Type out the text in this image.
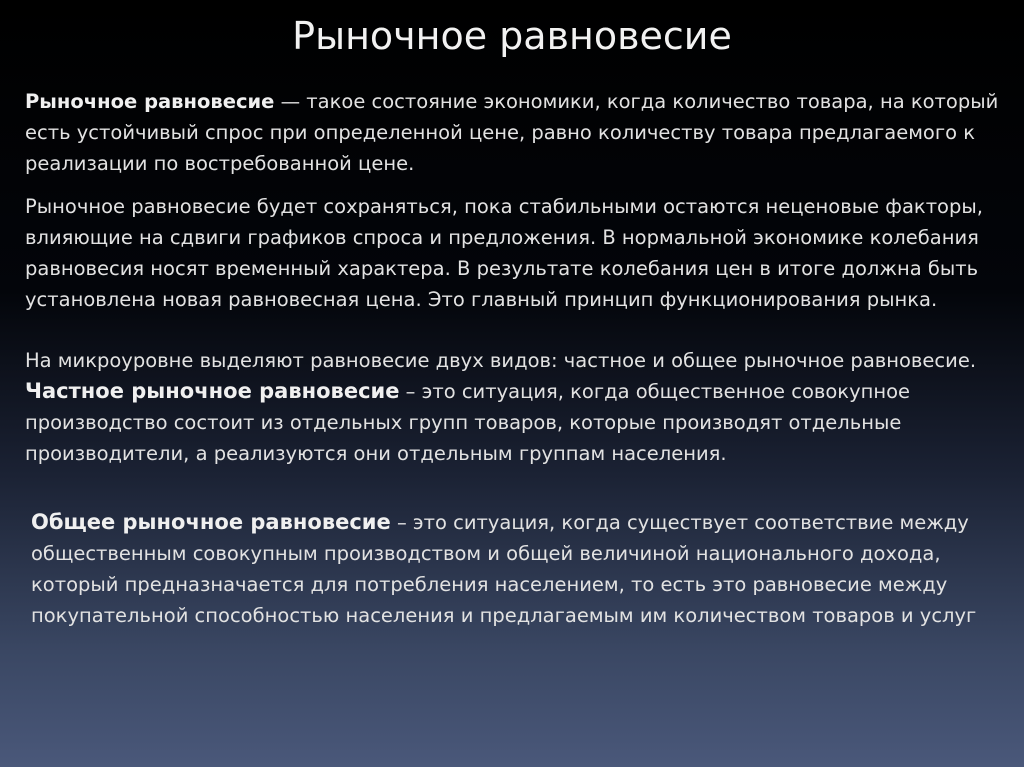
Рыночное равновесие

Рыночное равновесие — такое состояние экономики, когда количество товара, на который есть устойчивый спрос при определенной цене, равно количеству товара предлагаемого к реализации по востребованной цене.

Рыночное равновесие будет сохраняться, пока стабильными остаются неценовые факторы, влияющие на сдвиги графиков спроса и предложения. В нормальной экономике колебания равновесия носят временный характера. В результате колебания цен в итоге должна быть установлена новая равновесная цена. Это главный принцип функционирования рынка.

На микроуровне выделяют равновесие двух видов: частное и общее рыночное равновесие.

Частное рыночное равновесие – это ситуация, когда общественное совокупное производство состоит из отдельных групп товаров, которые производят отдельные производители, а реализуются они отдельным группам населения.

Общее рыночное равновесие – это ситуация, когда существует соответствие между общественным совокупным производством и общей величиной национального дохода, который предназначается для потребления населением, то есть это равновесие между покупательной способностью населения и предлагаемым им количеством товаров и услуг
